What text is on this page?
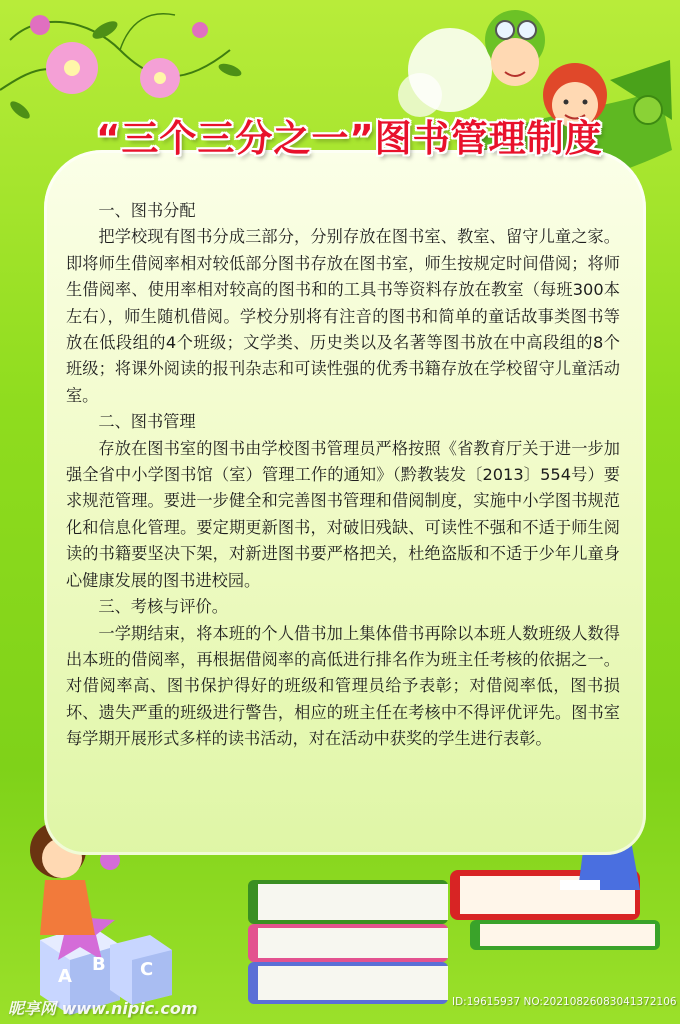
A
B C
“三个三分之一”图书管理制度

一、图书分配

把学校现有图书分成三部分，分别存放在图书室、教室、留守儿童之家。即将师生借阅率相对较低部分图书存放在图书室，师生按规定时间借阅；将师生借阅率、使用率相对较高的图书和的工具书等资料存放在教室（每班300本左右），师生随机借阅。学校分别将有注音的图书和简单的童话故事类图书等放在低段组的4个班级；文学类、历史类以及名著等图书放在中高段组的8个班级；将课外阅读的报刊杂志和可读性强的优秀书籍存放在学校留守儿童活动室。

二、图书管理

存放在图书室的图书由学校图书管理员严格按照《省教育厅关于进一步加强全省中小学图书馆（室）管理工作的通知》（黔教装发〔2013〕554号）要求规范管理。要进一步健全和完善图书管理和借阅制度，实施中小学图书规范化和信息化管理。要定期更新图书，对破旧残缺、可读性不强和不适于师生阅读的书籍要坚决下架，对新进图书要严格把关，杜绝盗版和不适于少年儿童身心健康发展的图书进校园。

三、考核与评价。

一学期结束，将本班的个人借书加上集体借书再除以本班人数班级人数得出本班的借阅率，再根据借阅率的高低进行排名作为班主任考核的依据之一。对借阅率高、图书保护得好的班级和管理员给予表彰；对借阅率低，图书损坏、遗失严重的班级进行警告，相应的班主任在考核中不得评优评先。图书室每学期开展形式多样的读书活动，对在活动中获奖的学生进行表彰。

昵享网 www.nipic.com	ID:19615937 NO:20210826083041372106
